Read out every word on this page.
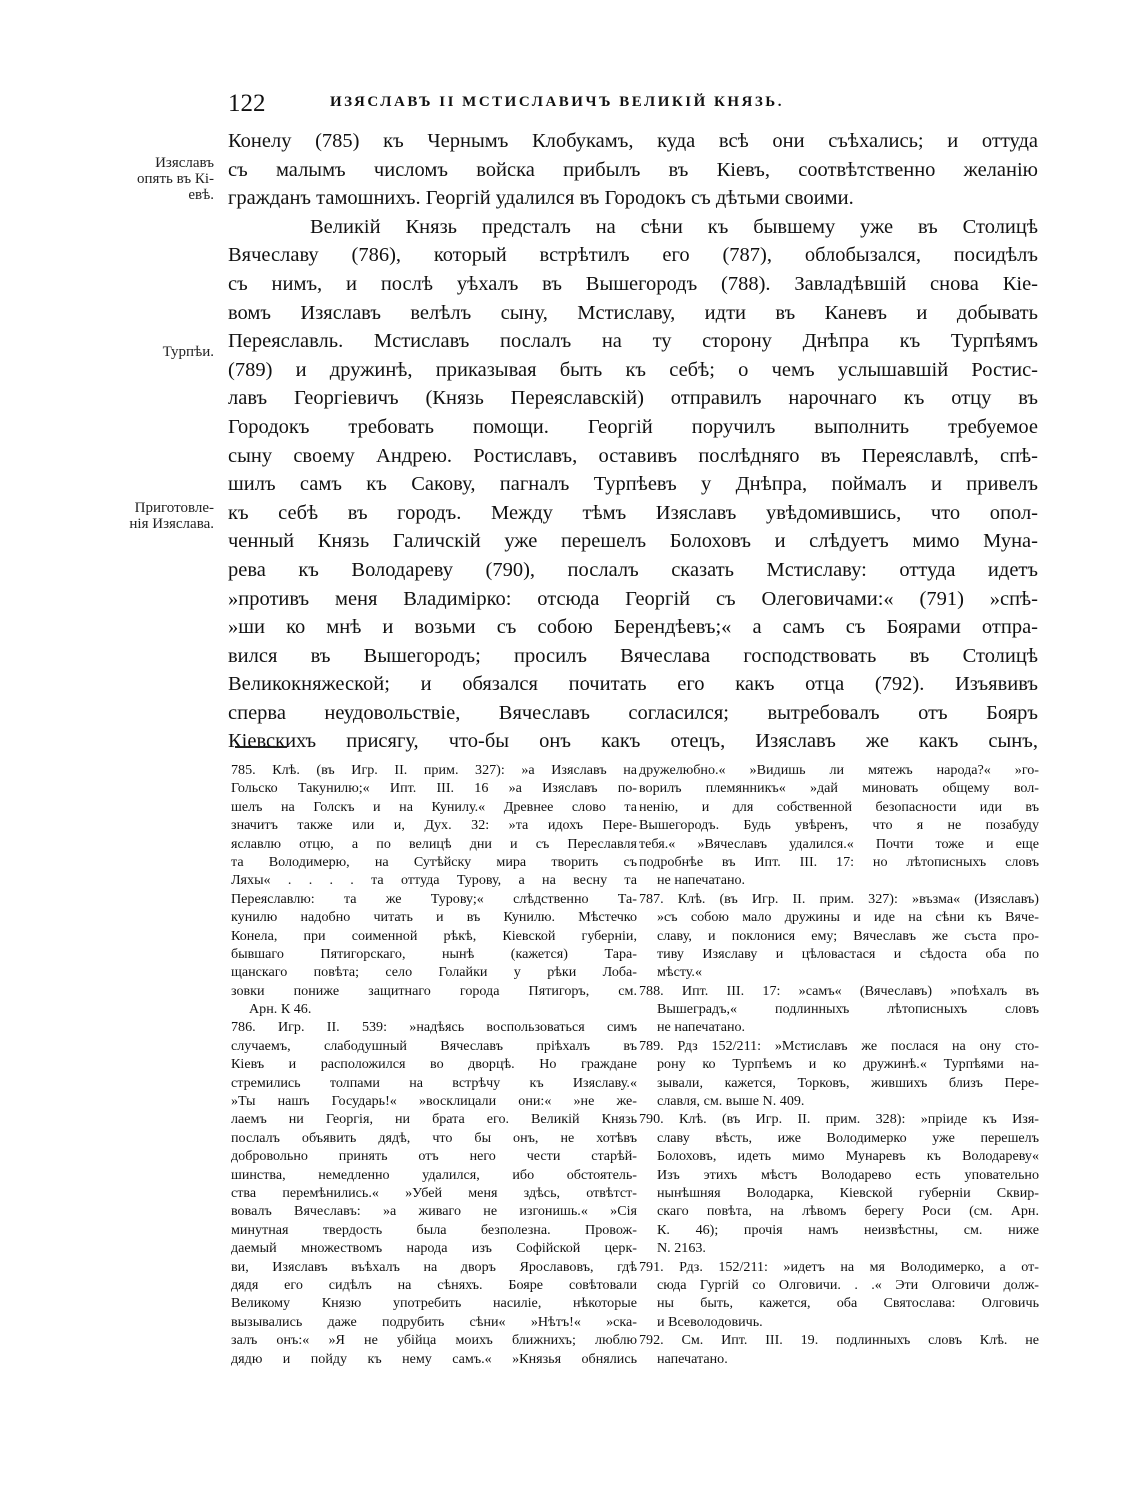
122	ИЗЯСЛАВЪ II МСТИСЛАВИЧЪ ВЕЛИКІЙ КНЯЗЬ.
Изяславъ опять въ Кі-евѣ.
Турпѣи.
Приготовле-нія Изяслава.
Конелу (785) къ Чернымъ Клобукамъ, куда всѣ они съѣхались; и оттуда
съ малымъ числомъ войска прибылъ въ Кіевъ, соотвѣтственно желанію
гражданъ тамошнихъ. Георгій удалился въ Городокъ съ дѣтьми своими.
Великій Князь предсталъ на сѣни къ бывшему уже въ Столицѣ
Вячеславу (786), который встрѣтилъ его (787), облобызался, посидѣлъ
съ нимъ, и послѣ уѣхалъ въ Вышегородъ (788). Завладѣвшій снова Кіе-
вомъ Изяславъ велѣлъ сыну, Мстиславу, идти въ Каневъ и добывать
Переяславль. Мстиславъ послалъ на ту сторону Днѣпра къ Турпѣямъ
(789) и дружинѣ, приказывая быть къ себѣ; о чемъ услышавшій Ростис-
лавъ Георгіевичъ (Князь Переяславскій) отправилъ нарочнаго къ отцу въ
Городокъ требовать помощи. Георгій поручилъ выполнить требуемое
сыну своему Андрею. Ростиславъ, оставивъ послѣдняго въ Переяславлѣ, спѣ-
шилъ самъ къ Сакову, пагналъ Турпѣевъ у Днѣпра, поймалъ и привелъ
къ себѣ въ городъ. Между тѣмъ Изяславъ увѣдомившись, что опол-
ченный Князь Галичскій уже перешелъ Болоховъ и слѣдуетъ мимо Муна-
рева къ Володареву (790), послалъ сказать Мстиславу: оттуда идетъ
»противъ меня Владимірко: отсюда Георгій съ Олеговичами:« (791) »спѣ-
»ши ко мнѣ и возьми съ собою Берендѣевъ;« а самъ съ Боярами отпра-
вился въ Вышегородъ; просилъ Вячеслава господствовать въ Столицѣ
Великокняжеской; и обязался почитать его какъ отца (792). Изъявивъ
сперва неудовольствіе, Вячеславъ согласился; вытребовалъ отъ Бояръ
Кіевскихъ присягу, что-бы онъ какъ отецъ, Изяславъ же какъ сынъ,
785. Клѣ. (въ Игр. II. прим. 327): »а Изяславъ на
Гольско Такунилю;« Ипт. III. 16 »а Изяславъ по-
шелъ на Голскъ и на Кунилу.« Древнее слово та
значитъ также или и, Дух. 32: »та идохъ Пере-
яславлю отцю, а по велицѣ дни и съ Переславля
та Володимерю, на Сутѣйску мира творить съ
Ляхы« . . . . та оттуда Турову, а на весну та
Переяславлю: та же Турову;« слѣдственно Та-
кунилю надобно читать и въ Кунилю. Мѣстечко
Конела, при соименной рѣкѣ, Кіевской губерніи,
бывшаго Пятигорскаго, нынѣ (кажется) Тара-
щанскаго повѣта; село Голайки у рѣки Лоба-
зовки пониже защитнаго города Пятигоръ, см.
Арн. К 46.
786. Игр. II. 539: »надѣясь воспользоваться симъ
случаемъ, слабодушный Вячеславъ пріѣхалъ въ
Кіевъ и расположился во дворцѣ. Но граждане
стремились толпами на встрѣчу къ Изяславу.«
»Ты нашъ Государь!« »восклицали они:« »не же-
лаемъ ни Георгія, ни брата его. Великій Князь
послалъ объявить дядѣ, что бы онъ, не хотѣвъ
добровольно принять отъ него чести старѣй-
шинства, немедленно удалился, ибо обстоятель-
ства перемѣнились.« »Убей меня здѣсь, отвѣтст-
вовалъ Вячеславъ: »а живаго не изгонишь.« »Сія
минутная твердость была безполезна. Провож-
даемый множествомъ народа изъ Софійской церк-
ви, Изяславъ въѣхалъ на дворъ Ярославовъ, гдѣ
дядя его сидѣлъ на сѣняхъ. Бояре совѣтовали
Великому Князю употребить насиліе, нѣкоторые
вызывались даже подрубить сѣни« »Нѣтъ!« »ска-
залъ онъ:« »Я не убійца моихъ ближнихъ; люблю
дядю и пойду къ нему самъ.« »Князья обнялись
дружелюбно.« »Видишь ли мятежъ народа?« »го-
ворилъ племянникъ« »дай миновать общему вол-
ненію, и для собственной безопасности иди въ
Вышегородъ. Будь увѣренъ, что я не позабуду
тебя.« »Вячеславъ удалился.« Почти тоже и еще
подробнѣе въ Ипт. III. 17: но лѣтописныхъ словъ
не напечатано.
787. Клѣ. (въ Игр. II. прим. 327): »възма« (Изяславъ)
»съ собою мало дружины и иде на сѣни къ Вяче-
славу, и поклонися ему; Вячеславъ же съста про-
тиву Изяславу и цѣловастася и сѣдоста оба по
мѣсту.«
788. Ипт. III. 17: »самъ« (Вячеславъ) »поѣхалъ въ
Вышеградъ,« подлинныхъ лѣтописныхъ словъ
не напечатано.
789. Рдз 152/211: »Мстиславъ же послася на ону сто-
рону ко Турпѣемъ и ко дружинѣ.« Турпѣями на-
зывали, кажется, Торковъ, жившихъ близъ Пере-
славля, см. выше N. 409.
790. Клѣ. (въ Игр. II. прим. 328): »пріиде къ Изя-
славу вѣсть, иже Володимерко уже перешелъ
Болоховъ, идеть мимо Мунаревъ къ Володареву«
Изъ этихъ мѣстъ Володарево есть уповательно
нынѣшняя Володарка, Кіевской губерніи Сквир-
скаго повѣта, на лѣвомъ берегу Роси (см. Арн.
К. 46); прочія намъ неизвѣстны, см. ниже
N. 2163.
791. Рдз. 152/211: »идетъ на мя Володимерко, а от-
сюда Гургій со Олговичи. . .« Эти Олговичи долж-
ны быть, кажется, оба Святослава: Олговичь
и Всеволодовичь.
792. См. Ипт. III. 19. подлинныхъ словъ Клѣ. не
напечатано.
